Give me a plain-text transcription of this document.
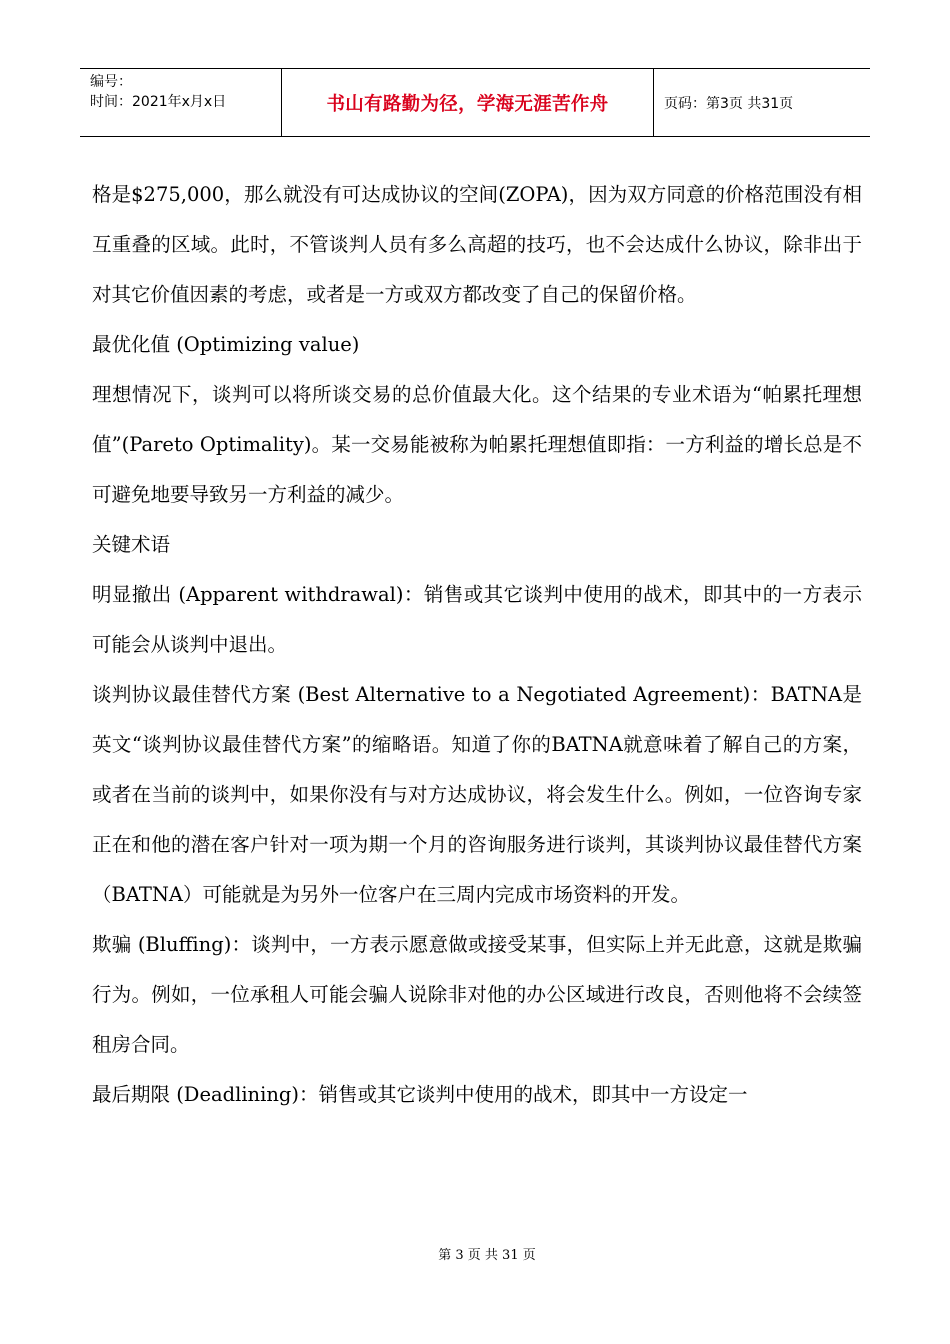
编号：
时间：2021年x月x日	书山有路勤为径，学海无涯苦作舟	页码：第3页 共31页

格是$275,000，那么就没有可达成协议的空间(ZOPA)，因为双方同意的价格范围没有相互重叠的区域。此时，不管谈判人员有多么高超的技巧，也不会达成什么协议，除非出于对其它价值因素的考虑，或者是一方或双方都改变了自己的保留价格。

最优化值 (Optimizing value)

理想情况下，谈判可以将所谈交易的总价值最大化。这个结果的专业术语为“帕累托理想值”(Pareto Optimality)。某一交易能被称为帕累托理想值即指：一方利益的增长总是不可避免地要导致另一方利益的减少。

关键术语

明显撤出 (Apparent withdrawal)：销售或其它谈判中使用的战术，即其中的一方表示可能会从谈判中退出。

谈判协议最佳替代方案 (Best Alternative to a Negotiated Agreement)：BATNA是英文“谈判协议最佳替代方案”的缩略语。知道了你的BATNA就意味着了解自己的方案，或者在当前的谈判中，如果你没有与对方达成协议，将会发生什么。例如，一位咨询专家正在和他的潜在客户针对一项为期一个月的咨询服务进行谈判，其谈判协议最佳替代方案（BATNA）可能就是为另外一位客户在三周内完成市场资料的开发。

欺骗 (Bluffing)：谈判中，一方表示愿意做或接受某事，但实际上并无此意，这就是欺骗行为。例如，一位承租人可能会骗人说除非对他的办公区域进行改良，否则他将不会续签租房合同。

最后期限 (Deadlining)：销售或其它谈判中使用的战术，即其中一方设定一

第 3 页 共 31 页
